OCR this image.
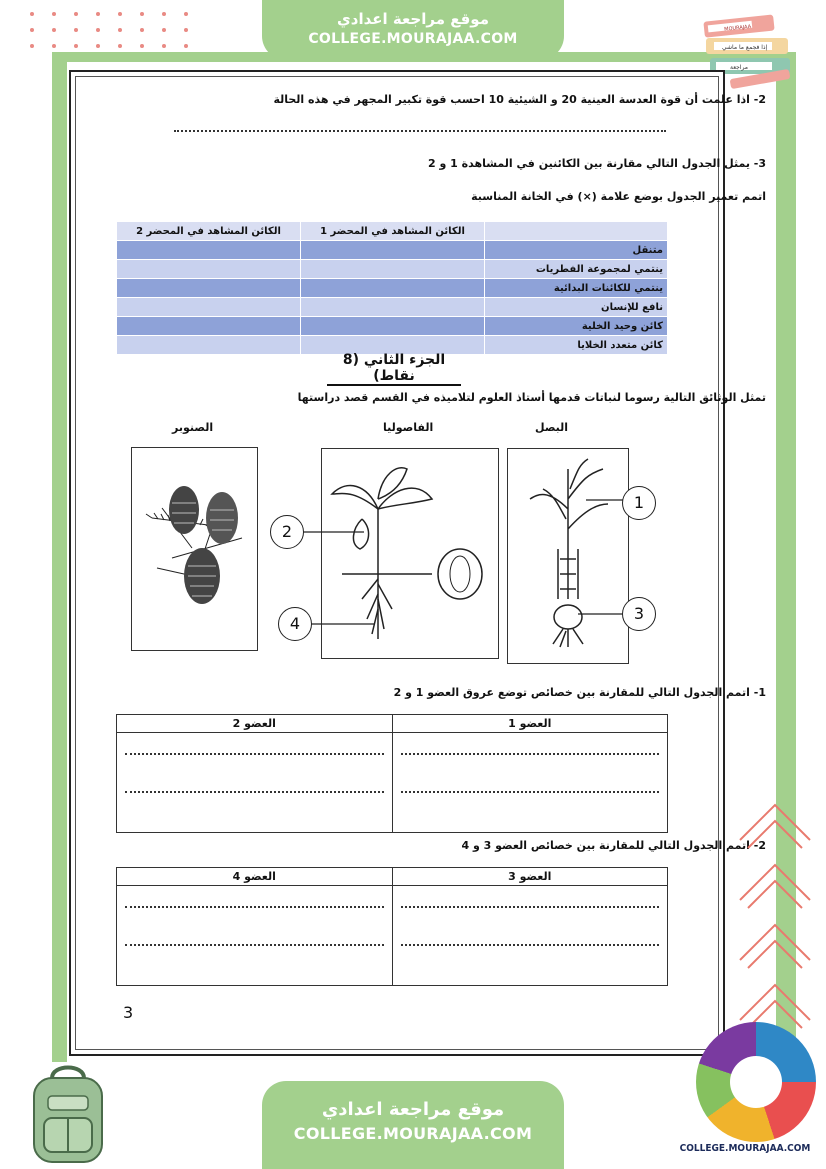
موقع مراجعة اعدادي
COLLEGE.MOURAJAA.COM
MOURAJAA
إذا فجمع ما ماشي
مراجعة
2- اذا علمت أن قوة العدسة العينية 20 و الشيئية 10 احسب قوة تكبير المجهر في هذه الحالة
3- يمثل الجدول التالي مقارنة بين الكائنين في المشاهدة 1 و 2
اتمم تعمير الجدول بوضع علامة (×) في الخانة المناسبة
	الكائن المشاهد في المحضر 1	الكائن المشاهد في المحضر 2
متنقل		
ينتمي لمجموعة الفطريات		
ينتمي للكائنات البدائية		
نافع للإنسان		
كائن وحيد الخلية		
كائن متعدد الخلايا		
الجزء الثاني (8 نقاط)
تمثل الوثائق التالية رسوما لنباتات قدمها أستاذ العلوم لتلاميذه في القسم قصد دراستها
البصل
الفاصوليا
الصنوبر
1
2
3
4
1- اتمم الجدول التالي للمقارنة بين خصائص توضع عروق العضو 1 و 2
العضو 1	العضو 2

2- اتمم الجدول التالي للمقارنة بين خصائص العضو 3 و 4
العضو 3	العضو 4

3
موقع مراجعة اعدادي
COLLEGE.MOURAJAA.COM
COLLEGE.MOURAJAA.COM
